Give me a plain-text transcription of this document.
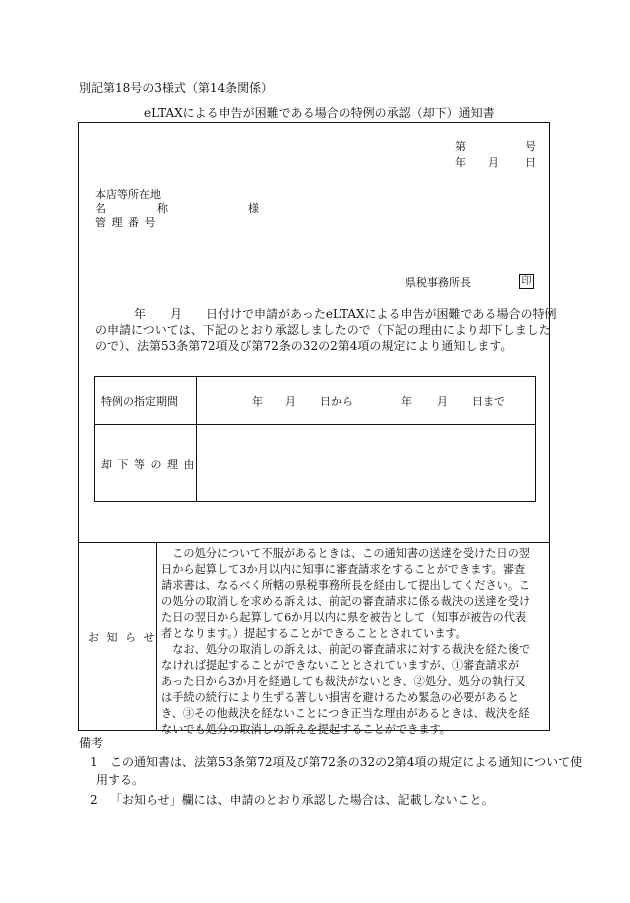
別記第18号の3様式（第14条関係）
eLTAXによる申告が困難である場合の特例の承認（却下）通知書
第	号
年 月 日
本店等所在地
名	称	様
管 理 番 号
県税事務所長	印
年　　月　　日付けで申請があったeLTAXによる申告が困難である場合の特例
の申請については、下記のとおり承認しましたので（下記の理由により却下しました
ので）、法第53条第72項及び第72条の32の2第4項の規定により通知します。
特例の指定期間	年 月 日から	年 月 日まで
却 下 等 の 理 由
お 知 ら せ
　この処分について不服があるときは、この通知書の送達を受けた日の翌
日から起算して3か月以内に知事に審査請求をすることができます。審査
請求書は、なるべく所轄の県税事務所長を経由して提出してください。こ
の処分の取消しを求める訴えは、前記の審査請求に係る裁決の送達を受け
た日の翌日から起算して6か月以内に県を被告として（知事が被告の代表
者となります。）提起することができることとされています。
　なお、処分の取消しの訴えは、前記の審査請求に対する裁決を経た後で
なければ提起することができないこととされていますが、①審査請求が
あった日から3か月を経過しても裁決がないとき、②処分、処分の執行又
は手続の続行により生ずる著しい損害を避けるため緊急の必要があると
き、③その他裁決を経ないことにつき正当な理由があるときは、裁決を経
ないでも処分の取消しの訴えを提起することができます。
備考
1 この通知書は、法第53条第72項及び第72条の32の2第4項の規定による通知について使
用する。
2 「お知らせ」欄には、申請のとおり承認した場合は、記載しないこと。
